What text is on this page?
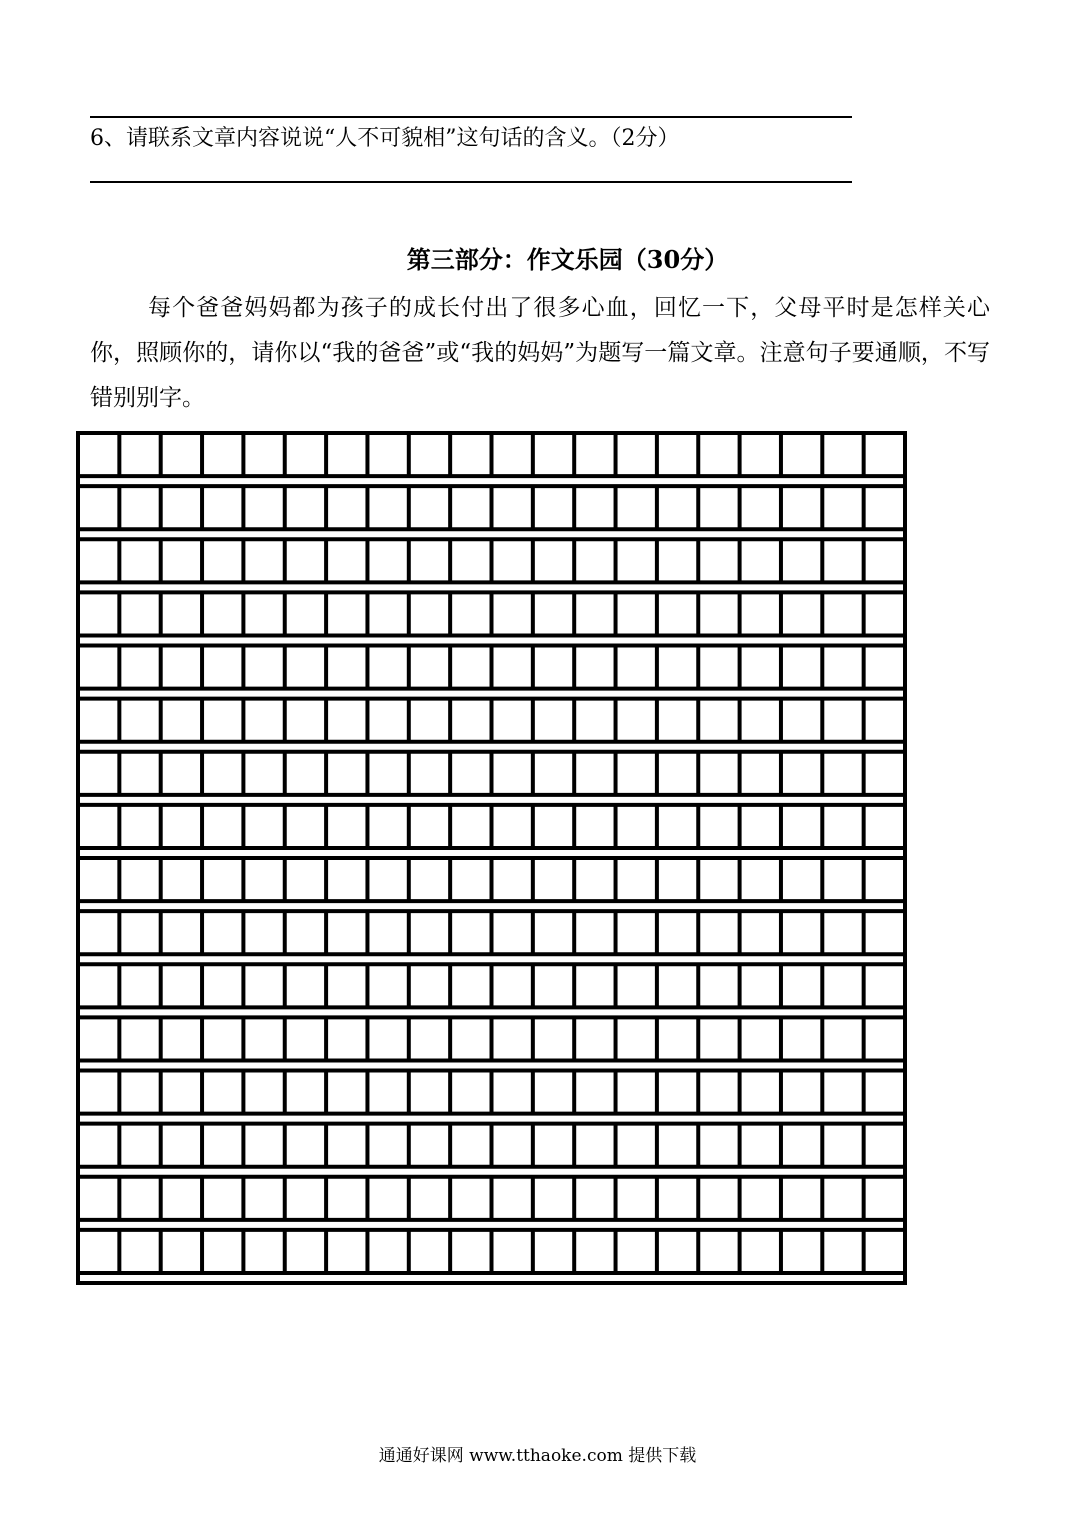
6、请联系文章内容说说“人不可貌相”这句话的含义。（2分）
第三部分：作文乐园（30分）
每个爸爸妈妈都为孩子的成长付出了很多心血，回忆一下，父母平时是怎样关心你，照顾你的，请你以“我的爸爸”或“我的妈妈”为题写一篇文章。注意句子要通顺，不写错别别字。
通通好课网 www.tthaoke.com 提供下载
